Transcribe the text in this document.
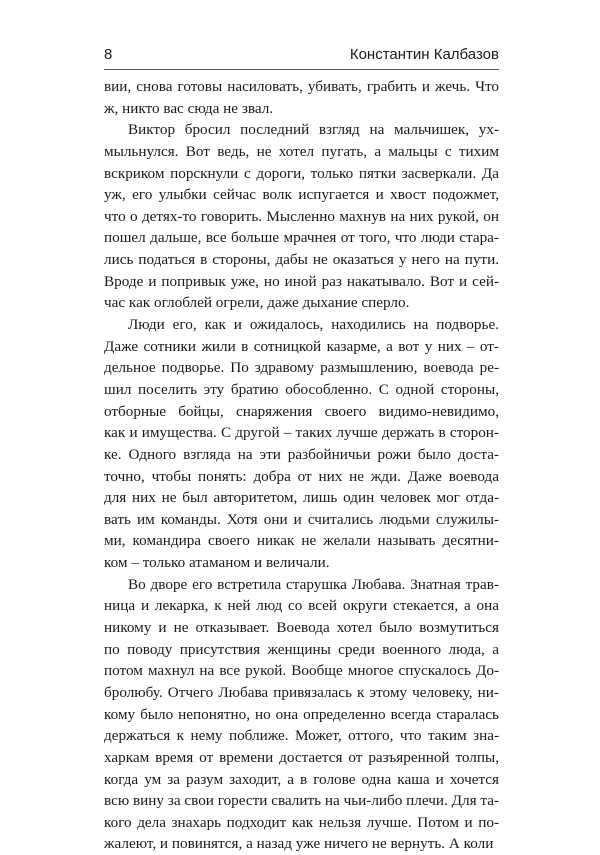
8	Константин Калбазов
вии, снова готовы насиловать, убивать, грабить и жечь. Что
ж, никто вас сюда не звал.
Виктор бросил последний взгляд на мальчишек, ух-
мыльнулся. Вот ведь, не хотел пугать, а мальцы с тихим
вскриком порскнули с дороги, только пятки засверкали. Да
уж, его улыбки сейчас волк испугается и хвост подожмет,
что о детях-то говорить. Мысленно махнув на них рукой, он
пошел дальше, все больше мрачнея от того, что люди стара-
лись податься в стороны, дабы не оказаться у него на пути.
Вроде и попривык уже, но иной раз накатывало. Вот и сей-
час как оглоблей огрели, даже дыхание сперло.
Люди его, как и ожидалось, находились на подворье.
Даже сотники жили в сотницкой казарме, а вот у них – от-
дельное подворье. По здравому размышлению, воевода ре-
шил поселить эту братию обособленно. С одной стороны,
отборные бойцы, снаряжения своего видимо-невидимо,
как и имущества. С другой – таких лучше держать в сторон-
ке. Одного взгляда на эти разбойничьи рожи было доста-
точно, чтобы понять: добра от них не жди. Даже воевода
для них не был авторитетом, лишь один человек мог отда-
вать им команды. Хотя они и считались людьми служилы-
ми, командира своего никак не желали называть десятни-
ком – только атаманом и величали.
Во дворе его встретила старушка Любава. Знатная трав-
ница и лекарка, к ней люд со всей округи стекается, а она
никому и не отказывает. Воевода хотел было возмутиться
по поводу присутствия женщины среди военного люда, а
потом махнул на все рукой. Вообще многое спускалось До-
бролюбу. Отчего Любава привязалась к этому человеку, ни-
кому было непонятно, но она определенно всегда старалась
держаться к нему поближе. Может, оттого, что таким зна-
харкам время от времени достается от разъяренной толпы,
когда ум за разум заходит, а в голове одна каша и хочется
всю вину за свои горести свалить на чьи-либо плечи. Для та-
кого дела знахарь подходит как нельзя лучше. Потом и по-
жалеют, и повинятся, а назад уже ничего не вернуть. А коли
